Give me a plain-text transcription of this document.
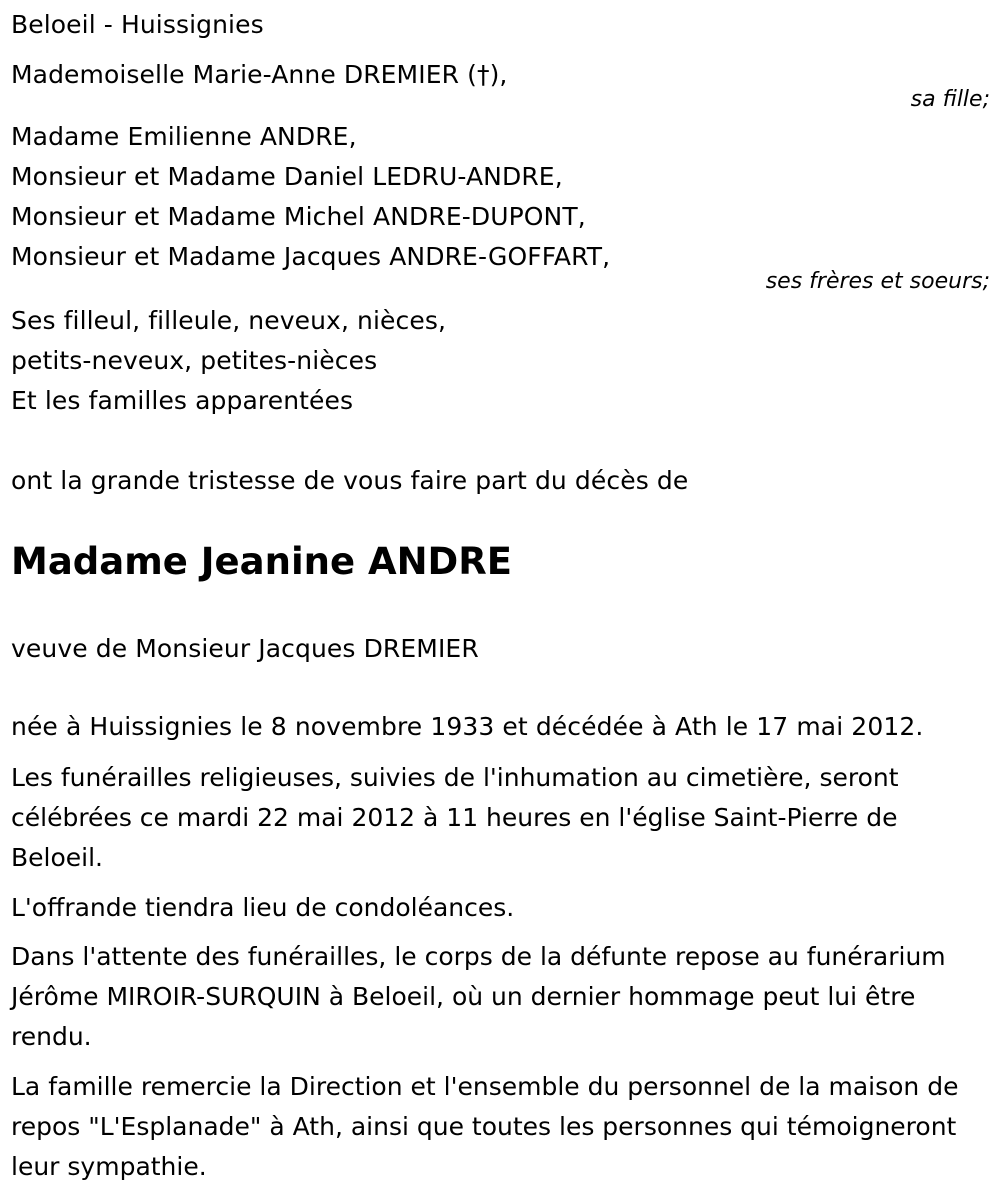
Beloeil - Huissignies
Mademoiselle Marie-Anne DREMIER (†),
sa fille;
Madame Emilienne ANDRE,
Monsieur et Madame Daniel LEDRU-ANDRE,
Monsieur et Madame Michel ANDRE-DUPONT,
Monsieur et Madame Jacques ANDRE-GOFFART,
ses frères et soeurs;
Ses filleul, filleule, neveux, nièces,
petits-neveux, petites-nièces
Et les familles apparentées
ont la grande tristesse de vous faire part du décès de
Madame Jeanine ANDRE
veuve de Monsieur Jacques DREMIER
née à Huissignies le 8 novembre 1933 et décédée à Ath le 17 mai 2012.
Les funérailles religieuses, suivies de l'inhumation au cimetière, seront célébrées ce mardi 22 mai 2012 à 11 heures en l'église Saint-Pierre de Beloeil.
L'offrande tiendra lieu de condoléances.
Dans l'attente des funérailles, le corps de la défunte repose au funérarium Jérôme MIROIR-SURQUIN à Beloeil, où un dernier hommage peut lui être rendu.
La famille remercie la Direction et l'ensemble du personnel de la maison de repos "L'Esplanade" à Ath, ainsi que toutes les personnes qui témoigneront leur sympathie.
